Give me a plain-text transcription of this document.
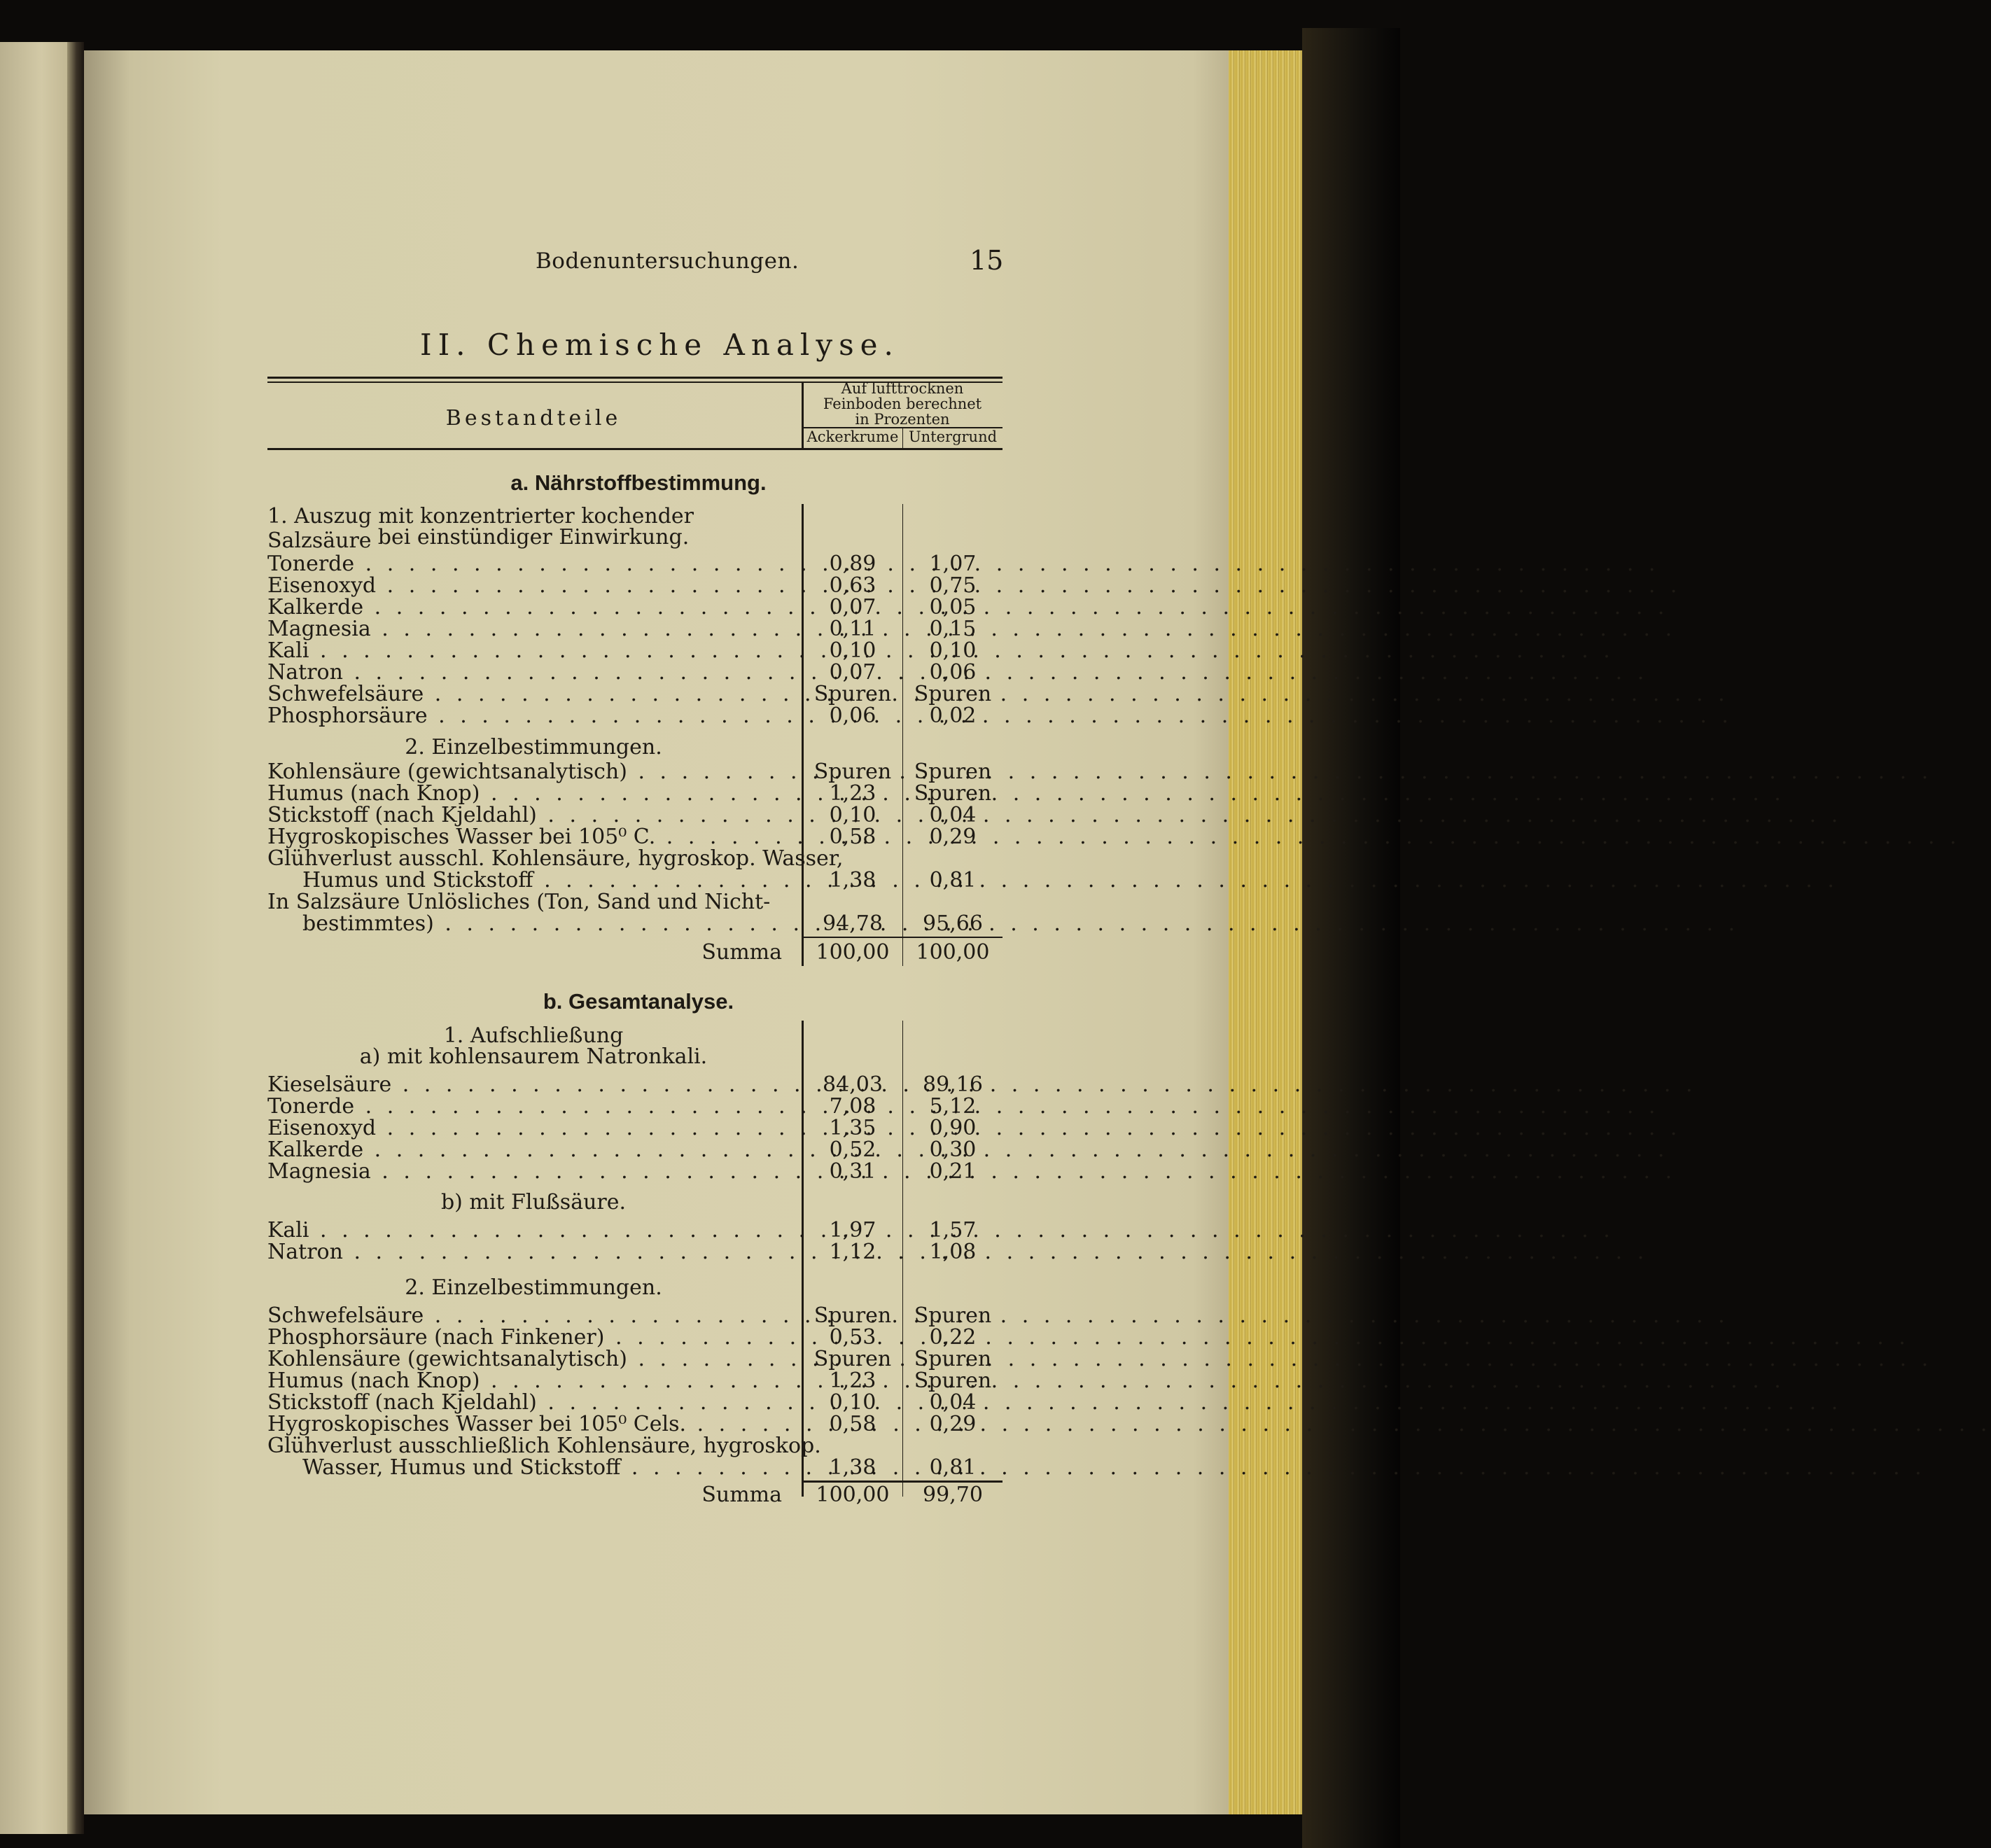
Bodenuntersuchungen.	15
II. Chemische Analyse.
Bestandteile
Auf lufttrocknen
Feinboden berechnet
in Prozenten
Ackerkrume Untergrund
a. Nährstoffbestimmung.
1. Auszug mit konzentrierter kochender Salzsäure bei einstündiger Einwirkung.
Tonerde . . .	0,89	1,07
Eisenoxyd . . .	0,63	0,75
Kalkerde . . .	0,07	0,05
Magnesia . . .	0,11	0,15
Kali . . .	0,10	0,10
Natron . . .	0,07	0,06
Schwefelsäure . . .	Spuren	Spuren
Phosphorsäure . . .	0,06	0,02
2. Einzelbestimmungen.
Kohlensäure (gewichtsanalytisch) . . .	Spuren	Spuren
Humus (nach Knop) . . .	1,23	Spuren
Stickstoff (nach Kjeldahl) . . .	0,10	0,04
Hygroskopisches Wasser bei 105⁰ C. . . .	0,58	0,29
Glühverlust ausschl. Kohlensäure, hygroskop. Wasser,
Humus und Stickstoff . . .	1,38	0,81
In Salzsäure Unlösliches (Ton, Sand und Nicht-
bestimmtes) . . .	94,78	95,66
Summa	100,00	100,00
b. Gesamtanalyse.
1. Aufschließung
a) mit kohlensaurem Natronkali.
Kieselsäure . . .	84,03	89,16
Tonerde . . .	7,08	5,12
Eisenoxyd . . .	1,35	0,90
Kalkerde . . .	0,52	0,30
Magnesia . . .	0,31	0,21
b) mit Flußsäure.
Kali . . .	1,97	1,57
Natron . . .	1,12	1,08
2. Einzelbestimmungen.
Schwefelsäure . . .	Spuren	Spuren
Phosphorsäure (nach Finkener) . . .	0,53	0,22
Kohlensäure (gewichtsanalytisch) . . .	Spuren	Spuren
Humus (nach Knop) . . .	1,23	Spuren
Stickstoff (nach Kjeldahl) . . .	0,10	0,04
Hygroskopisches Wasser bei 105⁰ Cels. . . .	0,58	0,29
Glühverlust ausschließlich Kohlensäure, hygroskop.
Wasser, Humus und Stickstoff . . .	1,38	0,81
Summa	100,00	99,70
